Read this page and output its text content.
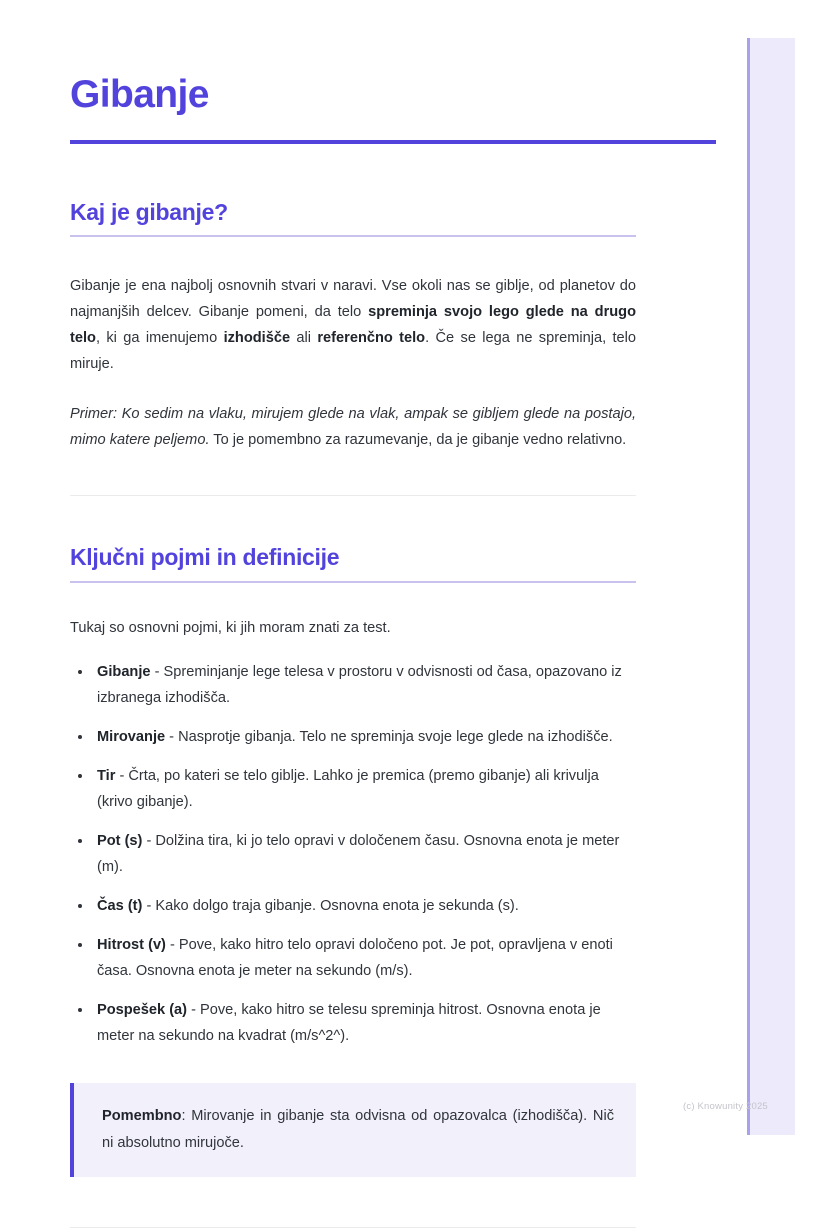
Gibanje
Kaj je gibanje?

Gibanje je ena najbolj osnovnih stvari v naravi. Vse okoli nas se giblje, od planetov do najmanjših delcev. Gibanje pomeni, da telo spreminja svojo lego glede na drugo telo, ki ga imenujemo izhodišče ali referenčno telo. Če se lega ne spreminja, telo miruje.

Primer: Ko sedim na vlaku, mirujem glede na vlak, ampak se gibljem glede na postajo, mimo katere peljemo. To je pomembno za razumevanje, da je gibanje vedno relativno.

Ključni pojmi in definicije

Tukaj so osnovni pojmi, ki jih moram znati za test.

Gibanje - Spreminjanje lege telesa v prostoru v odvisnosti od časa, opazovano iz izbranega izhodišča.
Mirovanje - Nasprotje gibanja. Telo ne spreminja svoje lege glede na izhodišče.
Tir - Črta, po kateri se telo giblje. Lahko je premica (premo gibanje) ali krivulja (krivo gibanje).
Pot (s) - Dolžina tira, ki jo telo opravi v določenem času. Osnovna enota je meter (m).
Čas (t) - Kako dolgo traja gibanje. Osnovna enota je sekunda (s).
Hitrost (v) - Pove, kako hitro telo opravi določeno pot. Je pot, opravljena v enoti časa. Osnovna enota je meter na sekundo (m/s).
Pospešek (a) - Pove, kako hitro se telesu spreminja hitrost. Osnovna enota je meter na sekundo na kvadrat (m/s^2^).

Pomembno: Mirovanje in gibanje sta odvisna od opazovalca (izhodišča). Nič ni absolutno mirujoče.

(c) Knowunity 2025
